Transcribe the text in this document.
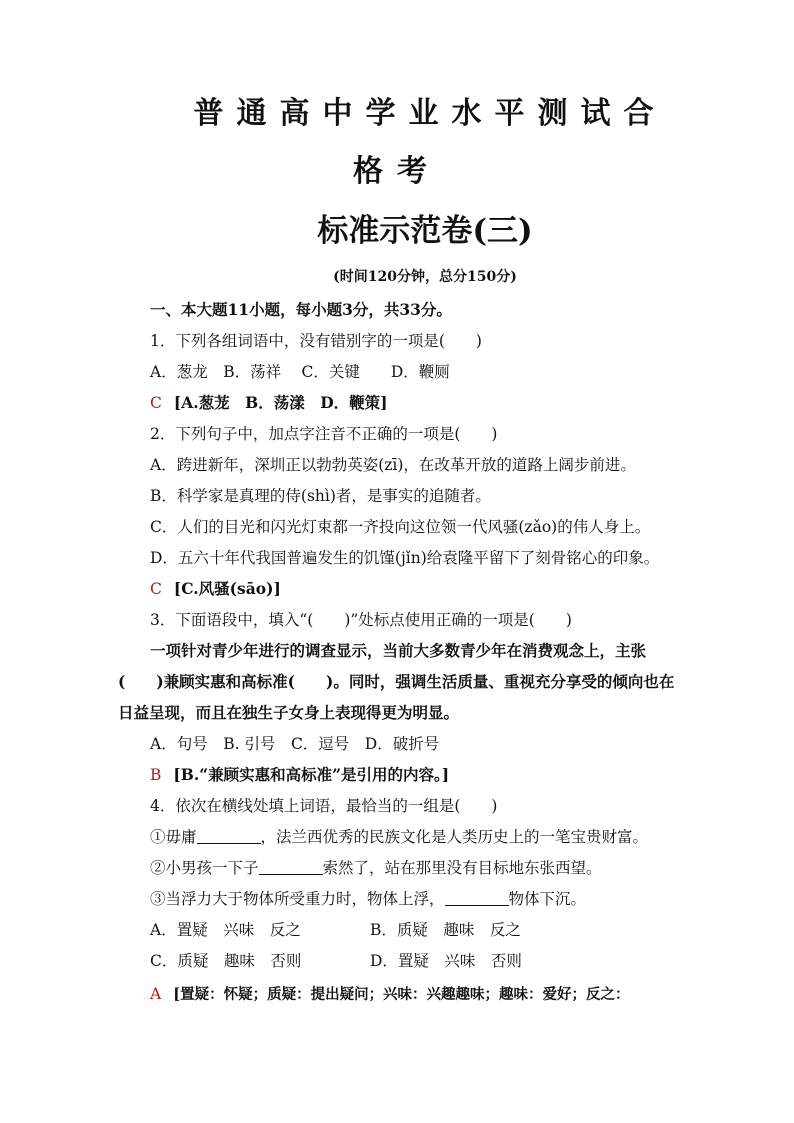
普通高中学业水平测试合
格考
标准示范卷(三)
(时间120分钟，总分150分)
一、本大题11小题，每小题3分，共33分。
1．下列各组词语中，没有错别字的一项是(　　)
A．葱龙　B．荡祥　 C．关键　　D．鞭厕
C [A.葱茏　B．荡漾　D．鞭策]
2．下列句子中，加点字注音不正确的一项是(　　)
A．跨进新年，深圳正以勃勃英姿(zī)，在改革开放的道路上阔步前进。
B．科学家是真理的侍(shì)者，是事实的追随者。
C．人们的目光和闪光灯束都一齐投向这位领一代风骚(zǎo)的伟人身上。
D．五六十年代我国普遍发生的饥馑(jǐn)给袁隆平留下了刻骨铭心的印象。
C [C.风骚(sāo)]
3．下面语段中，填入“(　　)”处标点使用正确的一项是(　　)
一项针对青少年进行的调查显示，当前大多数青少年在消费观念上，主张
(　　)兼顾实惠和高标准(　　)。同时，强调生活质量、重视充分享受的倾向也在
日益呈现，而且在独生子女身上表现得更为明显。
A．句号　B. 引号　C．逗号　D．破折号
B [B.“兼顾实惠和高标准”是引用的内容。]
4．依次在横线处填上词语，最恰当的一组是(　　)
①毋庸	，法兰西优秀的民族文化是人类历史上的一笔宝贵财富。
②小男孩一下子	索然了，站在那里没有目标地东张西望。
③当浮力大于物体所受重力时，物体上浮，	物体下沉。
A．置疑　兴味　反之	B．质疑　趣味　反之
C．质疑　趣味　否则	D．置疑　兴味　否则
A [置疑：怀疑；质疑：提出疑问；兴味：兴趣趣味；趣味：爱好；反之：
